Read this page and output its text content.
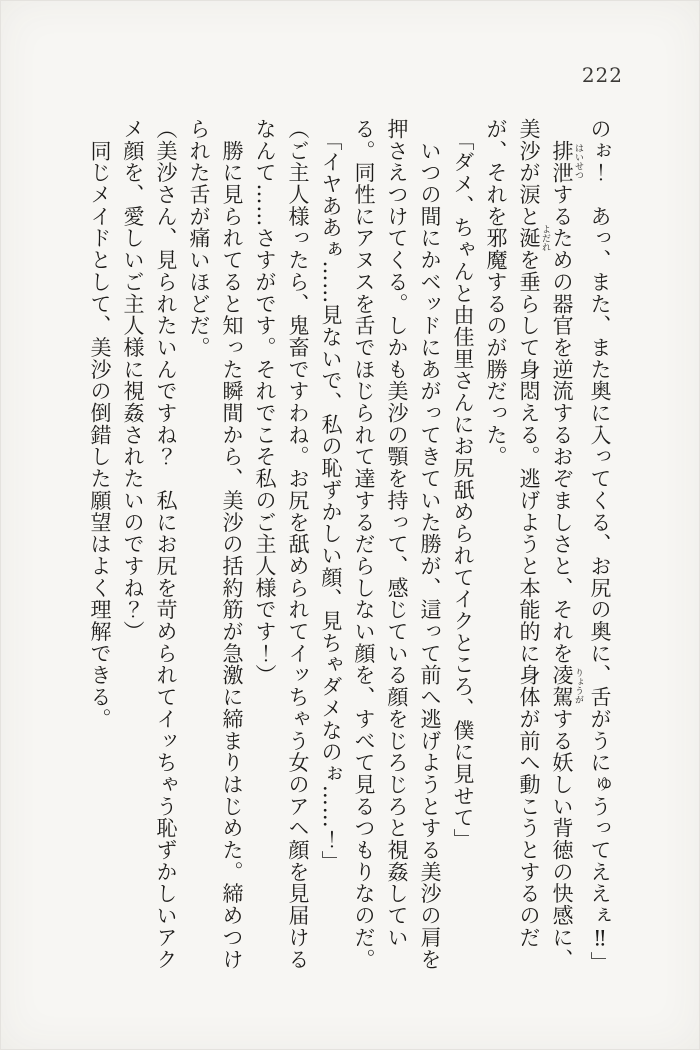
222
のぉ！　あっ、また、また奥に入ってくる、お尻の奥に、舌がうにゅうってええぇ‼」
　排泄 はいせつするための器官を逆流するおぞましさと、それを凌駕 りょうがする妖しい背徳の快感に、美沙が涙と涎 よだれを垂らして身悶える。逃げようと本能的に身体が前へ動こうとするのだが、それを邪魔するのが勝だった。
　「ダメ、ちゃんと由佳里さんにお尻舐められてイクところ、僕に見せて」
　いつの間にかベッドにあがってきていた勝が、這って前へ逃げようとする美沙の肩を押さえつけてくる。しかも美沙の顎を持って、感じている顔をじろじろと視姦している。同性にアヌスを舌でほじられて達するだらしない顔を、すべて見るつもりなのだ。
　「イヤああぁ……見ないで、私の恥ずかしい顔、見ちゃダメなのぉ……！」
（ご主人様ったら、鬼畜ですわね。お尻を舐められてイッちゃう女のアヘ顔を見届けるなんて……さすがです。それでこそ私のご主人様です！）
　勝に見られてると知った瞬間から、美沙の括約筋が急激に締まりはじめた。締めつけられた舌が痛いほどだ。
（美沙さん、見られたいんですね？　私にお尻を苛められてイッちゃう恥ずかしいアクメ顔を、愛しいご主人様に視姦されたいのですね？）
　同じメイドとして、美沙の倒錯した願望はよく理解できる。
